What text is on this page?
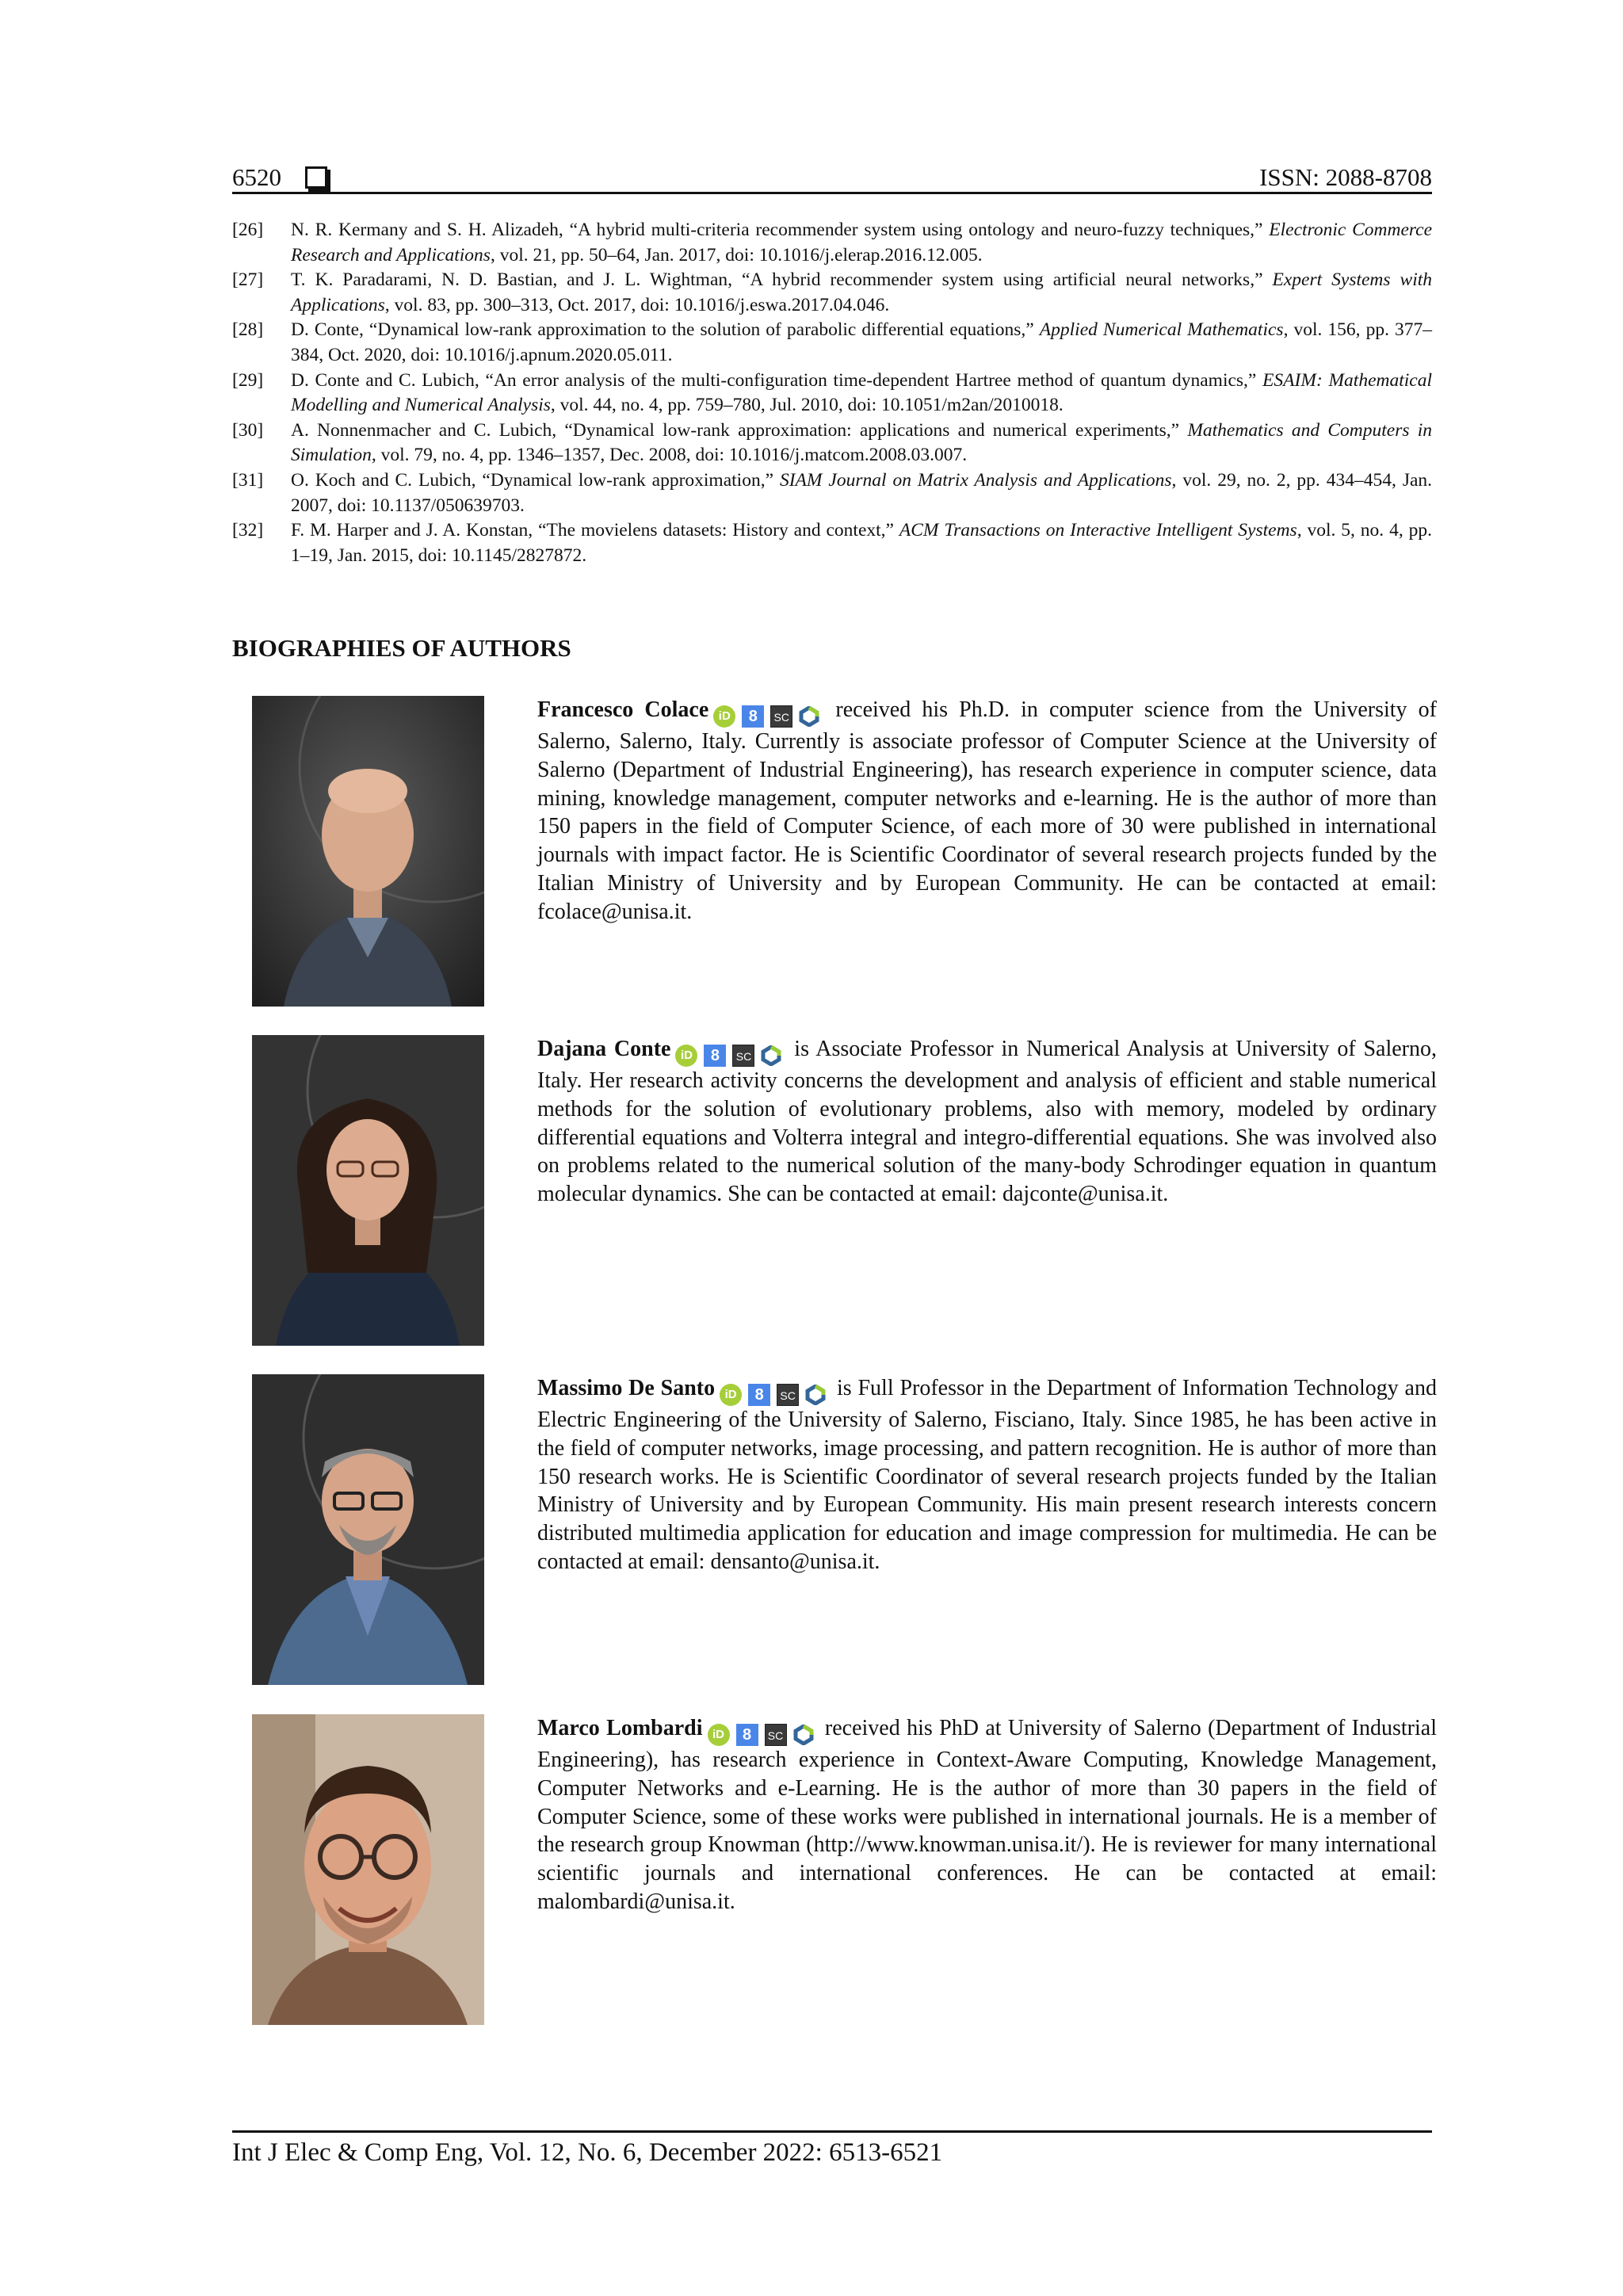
6520	ISSN: 2088-8708
[26]	N. R. Kermany and S. H. Alizadeh, “A hybrid multi-criteria recommender system using ontology and neuro-fuzzy techniques,” Electronic Commerce Research and Applications, vol. 21, pp. 50–64, Jan. 2017, doi: 10.1016/j.elerap.2016.12.005.
[27]	T. K. Paradarami, N. D. Bastian, and J. L. Wightman, “A hybrid recommender system using artificial neural networks,” Expert Systems with Applications, vol. 83, pp. 300–313, Oct. 2017, doi: 10.1016/j.eswa.2017.04.046.
[28]	D. Conte, “Dynamical low-rank approximation to the solution of parabolic differential equations,” Applied Numerical Mathematics, vol. 156, pp. 377–384, Oct. 2020, doi: 10.1016/j.apnum.2020.05.011.
[29]	D. Conte and C. Lubich, “An error analysis of the multi-configuration time-dependent Hartree method of quantum dynamics,” ESAIM: Mathematical Modelling and Numerical Analysis, vol. 44, no. 4, pp. 759–780, Jul. 2010, doi: 10.1051/m2an/2010018.
[30]	A. Nonnenmacher and C. Lubich, “Dynamical low-rank approximation: applications and numerical experiments,” Mathematics and Computers in Simulation, vol. 79, no. 4, pp. 1346–1357, Dec. 2008, doi: 10.1016/j.matcom.2008.03.007.
[31]	O. Koch and C. Lubich, “Dynamical low-rank approximation,” SIAM Journal on Matrix Analysis and Applications, vol. 29, no. 2, pp. 434–454, Jan. 2007, doi: 10.1137/050639703.
[32]	F. M. Harper and J. A. Konstan, “The movielens datasets: History and context,” ACM Transactions on Interactive Intelligent Systems, vol. 5, no. 4, pp. 1–19, Jan. 2015, doi: 10.1145/2827872.
BIOGRAPHIES OF AUTHORS
Francesco Colace iD	8	SC received his Ph.D. in computer science from the University of Salerno, Salerno, Italy. Currently is associate professor of Computer Science at the University of Salerno (Department of Industrial Engineering), has research experience in computer science, data mining, knowledge management, computer networks and e-learning. He is the author of more than 150 papers in the field of Computer Science, of each more of 30 were published in international journals with impact factor. He is Scientific Coordinator of several research projects funded by the Italian Ministry of University and by European Community. He can be contacted at email: fcolace@unisa.it.
Dajana Conte iD	8	SC is Associate Professor in Numerical Analysis at University of Salerno, Italy. Her research activity concerns the development and analysis of efficient and stable numerical methods for the solution of evolutionary problems, also with memory, modeled by ordinary differential equations and Volterra integral and integro-differential equations. She was involved also on problems related to the numerical solution of the many-body Schrodinger equation in quantum molecular dynamics. She can be contacted at email: dajconte@unisa.it.
Massimo De Santo iD	8	SC is Full Professor in the Department of Information Technology and Electric Engineering of the University of Salerno, Fisciano, Italy. Since 1985, he has been active in the field of computer networks, image processing, and pattern recognition. He is author of more than 150 research works. He is Scientific Coordinator of several research projects funded by the Italian Ministry of University and by European Community. His main present research interests concern distributed multimedia application for education and image compression for multimedia. He can be contacted at email: densanto@unisa.it.
Marco Lombardi iD	8	SC received his PhD at University of Salerno (Department of Industrial Engineering), has research experience in Context-Aware Computing, Knowledge Management, Computer Networks and e-Learning. He is the author of more than 30 papers in the field of Computer Science, some of these works were published in international journals. He is a member of the research group Knowman (http://www.knowman.unisa.it/). He is reviewer for many international scientific journals and international conferences. He can be contacted at email: malombardi@unisa.it.
Int J Elec & Comp Eng, Vol. 12, No. 6, December 2022: 6513-6521
